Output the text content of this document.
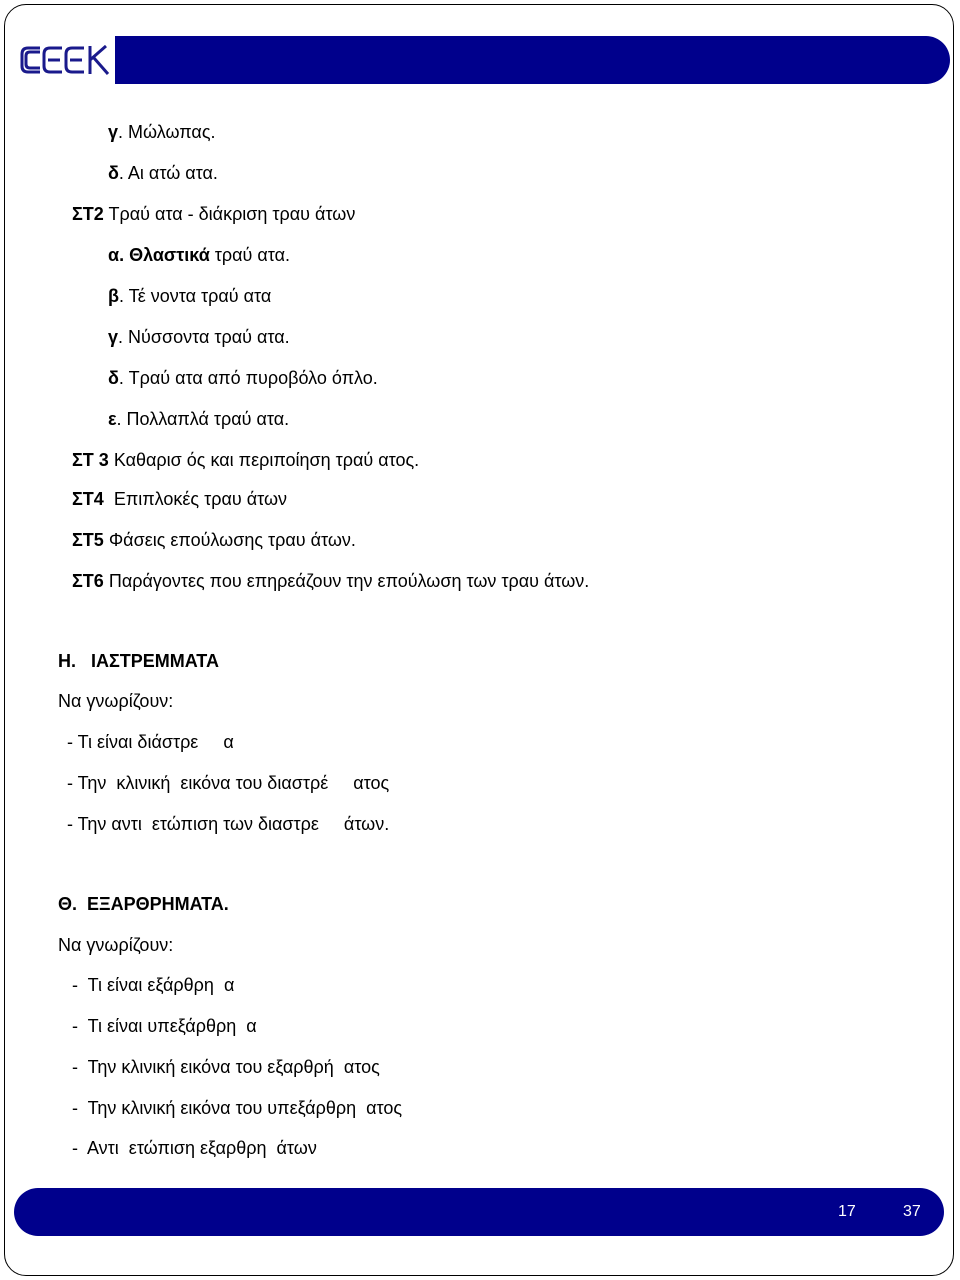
γ. Μώλωπας.
δ. Αι ατώ ατα.
ΣΤ2 Τραύ ατα - διάκριση τραυ άτων
α. Θλαστικά τραύ ατα.
β. Τέ νοντα τραύ ατα
γ. Νύσσοντα τραύ ατα.
δ. Τραύ ατα από πυροβόλο όπλο.
ε. Πολλαπλά τραύ ατα.
ΣΤ 3 Καθαρισ ός και περιποίηση τραύ ατος.
ΣΤ4  Επιπλοκές τραυ άτων
ΣΤ5 Φάσεις επούλωσης τραυ άτων.
ΣΤ6 Παράγοντες που επηρεάζουν την επούλωση των τραυ άτων.
Η.   ΙΑΣΤΡΕΜΜΑΤΑ
Να γνωρίζουν:
- Τι είναι διάστρε     α
- Την  κλινική  εικόνα του διαστρέ     ατος
- Την αντι  ετώπιση των διαστρε     άτων.
Θ.  ΕΞΑΡΘΡΗΜΑΤΑ.
Να γνωρίζουν:
-  Τι είναι εξάρθρη  α
-  Τι είναι υπεξάρθρη  α
-  Την κλινική εικόνα του εξαρθρή  ατος
-  Την κλινική εικόνα του υπεξάρθρη  ατος
-  Αντι  ετώπιση εξαρθρη  άτων
17	37
